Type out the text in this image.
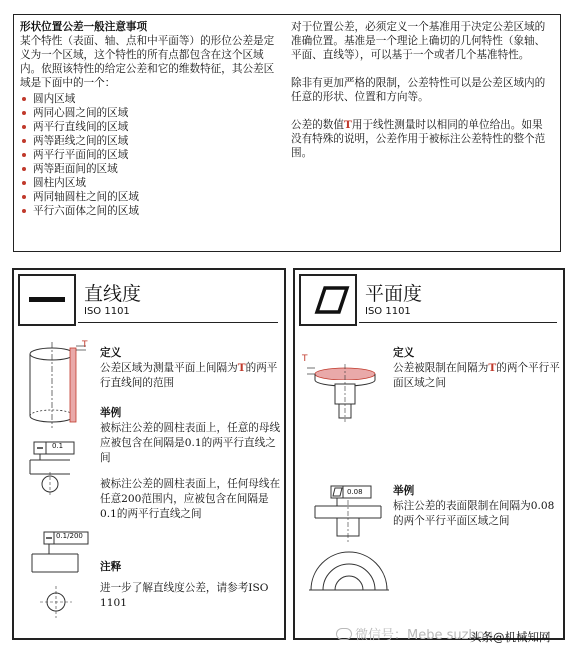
形状位置公差一般注意事项
某个特性（表面、轴、点和中平面等）的形位公差是定义为一个区域，这个特性的所有点都包含在这个区域内。依照该特性的给定公差和它的维数特征，其公差区域是下面中的一个：
圆内区域
两同心圆之间的区域
两平行直线间的区域
两等距线之间的区域
两平行平面间的区域
两等距面间的区域
圆柱内区域
两同轴圆柱之间的区域
平行六面体之间的区域

对于位置公差，必须定义一个基准用于决定公差区域的准确位置。基准是一个理论上确切的几何特性（象轴、平面、直线等），可以基于一个或者几个基准特性。

除非有更加严格的限制，公差特性可以是公差区域内的任意的形状、位置和方向等。

公差的数值T用于线性测量时以相同的单位给出。如果没有特殊的说明，公差作用于被标注公差特性的整个范围。

直线度
ISO 1101
T
0.1
0.1/200
定义
公差区域为测量平面上间隔为T的两平行直线间的范围
举例
被标注公差的圆柱表面上，任意的母线应被包含在间隔是0.1的两平行直线之间
被标注公差的圆柱表面上，任何母线在任意200范围内，应被包含在间隔是0.1的两平行直线之间
注释
进一步了解直线度公差，请参考ISO 1101
平面度
ISO 1101
T
0.08
定义
公差被限制在间隔为T的两个平行平面区域之间
举例
标注公差的表面限制在间隔为0.08的两个平行平面区域之间
微信号：Mebe suzhou
头条@机械知网
